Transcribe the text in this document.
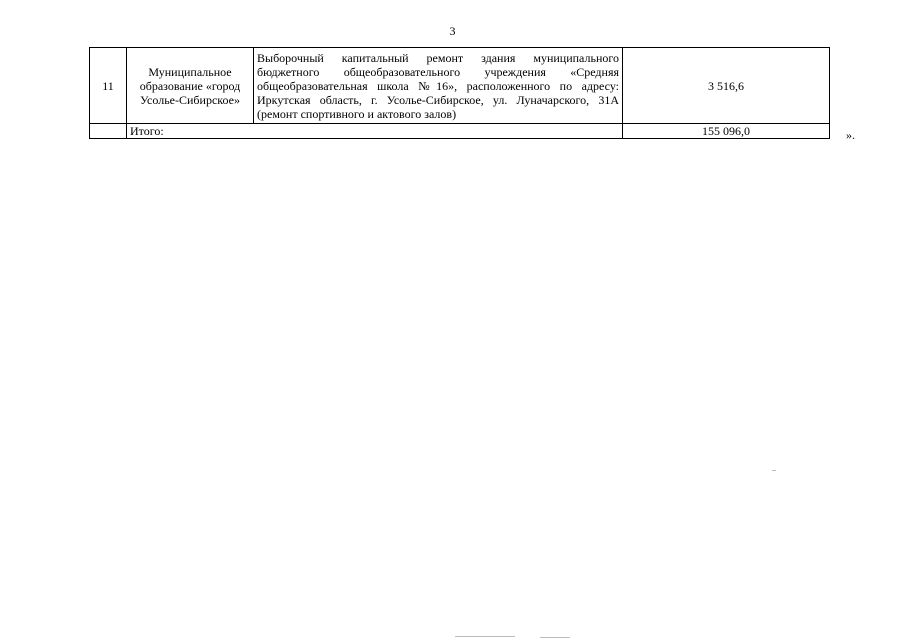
3
11	Муниципальное образование «город Усолье-Сибирское»	Выборочный капитальный ремонт здания муниципального бюджетного общеобразовательного учреждения «Средняя общеобразовательная школа №16», расположенного по адресу: Иркутская область, г. Усолье-Сибирское, ул. Луначарского, 31А (ремонт спортивного и актового залов)	3 516,6
	Итого:		155 096,0	».
